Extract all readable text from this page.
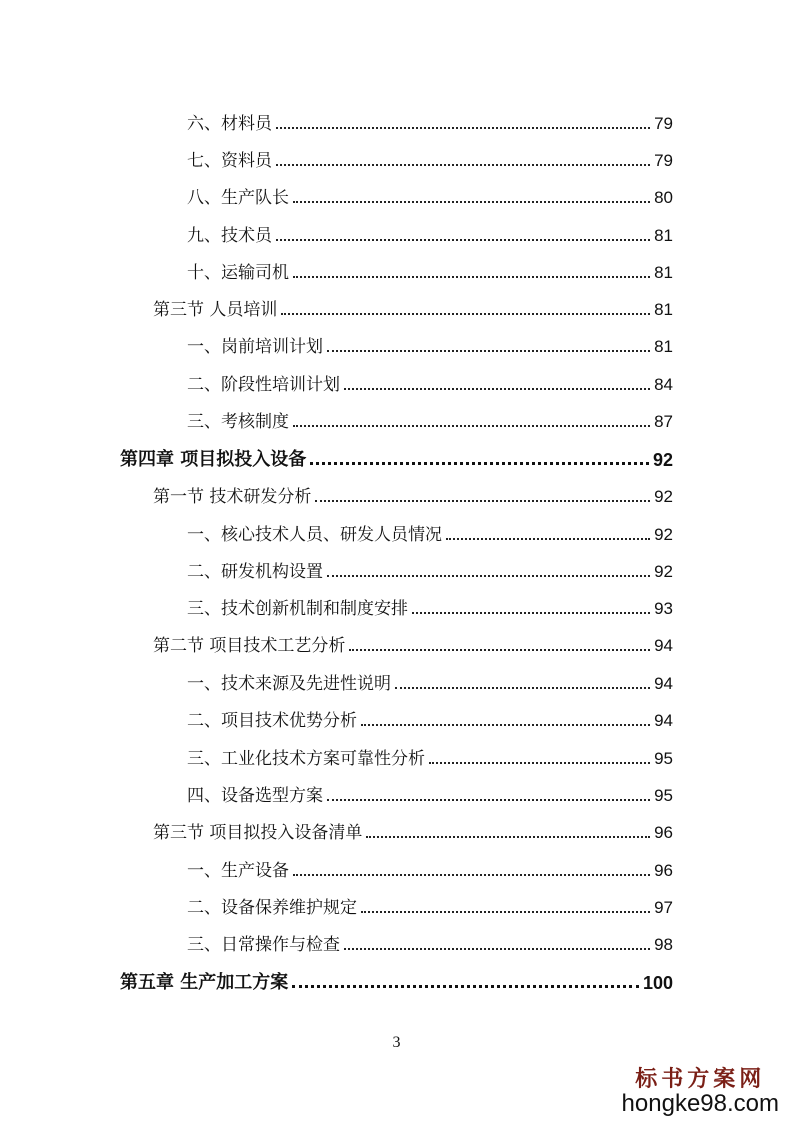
六、材料员	79
七、资料员	79
八、生产队长	80
九、技术员	81
十、运输司机	81
第三节 人员培训	81
一、岗前培训计划	81
二、阶段性培训计划	84
三、考核制度	87
第四章 项目拟投入设备	92
第一节 技术研发分析	92
一、核心技术人员、研发人员情况	92
二、研发机构设置	92
三、技术创新机制和制度安排	93
第二节 项目技术工艺分析	94
一、技术来源及先进性说明	94
二、项目技术优势分析	94
三、工业化技术方案可靠性分析	95
四、设备选型方案	95
第三节 项目拟投入设备清单	96
一、生产设备	96
二、设备保养维护规定	97
三、日常操作与检查	98
第五章 生产加工方案	100
3
标书方案网
hongke98.com
